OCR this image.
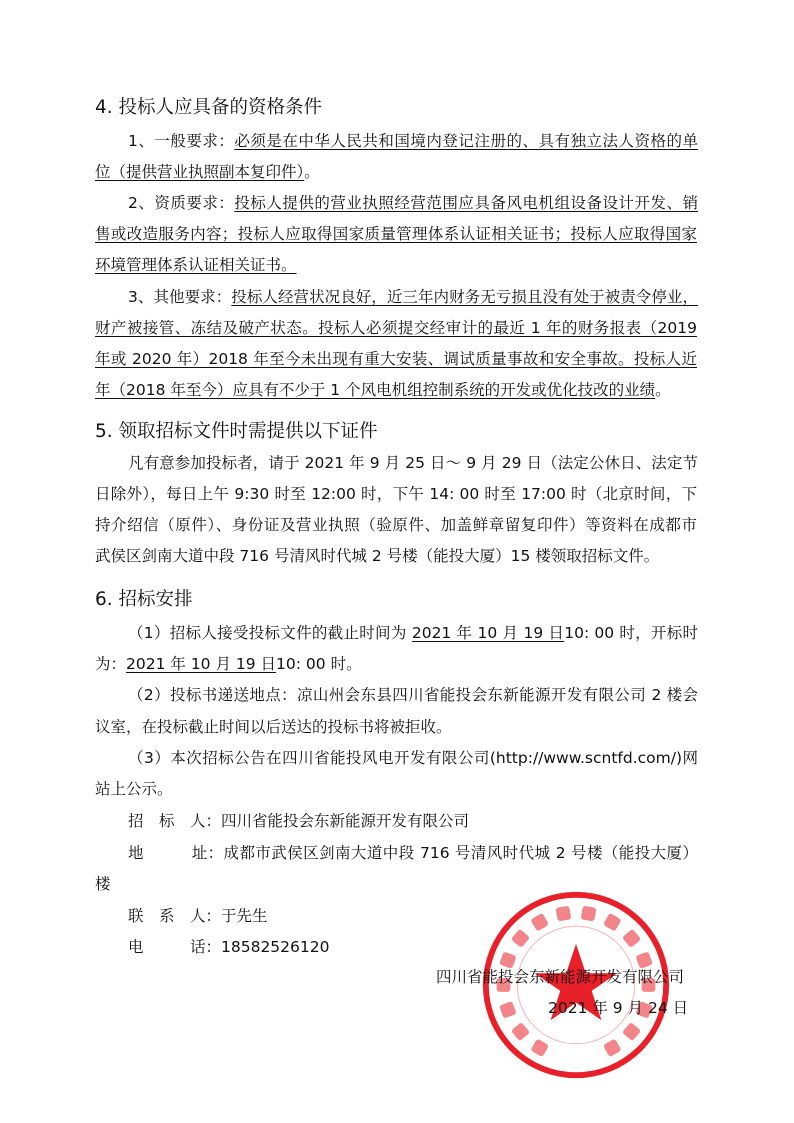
4. 投标人应具备的资格条件
1、一般要求：必须是在中华人民共和国境内登记注册的、具有独立法人资格的单
位（提供营业执照副本复印件）。
2、资质要求：投标人提供的营业执照经营范围应具备风电机组设备设计开发、销
售或改造服务内容；投标人应取得国家质量管理体系认证相关证书；投标人应取得国家
环境管理体系认证相关证书。
3、其他要求：投标人经营状况良好，近三年内财务无亏损且没有处于被责令停业，
财产被接管、冻结及破产状态。投标人必须提交经审计的最近 1 年的财务报表（2019
年或 2020 年）2018 年至今未出现有重大安装、调试质量事故和安全事故。投标人近
年（2018 年至今）应具有不少于 1 个风电机组控制系统的开发或优化技改的业绩。
5. 领取招标文件时需提供以下证件
凡有意参加投标者，请于 2021 年 9 月 25 日～ 9 月 29 日（法定公休日、法定节
日除外），每日上午 9:30 时至 12:00 时，下午 14: 00 时至 17:00 时（北京时间，下
持介绍信（原件）、身份证及营业执照（验原件、加盖鲜章留复印件）等资料在成都市
武侯区剑南大道中段 716 号清风时代城 2 号楼（能投大厦）15 楼领取招标文件。
6. 招标安排
（1）招标人接受投标文件的截止时间为 2021 年 10 月 19 日10: 00 时，开标时
为：2021 年 10 月 19 日10: 00 时。
（2）投标书递送地点：凉山州会东县四川省能投会东新能源开发有限公司 2 楼会
议室，在投标截止时间以后送达的投标书将被拒收。
（3）本次招标公告在四川省能投风电开发有限公司(http://www.scntfd.com/)网
站上公示。
招　标　人：四川省能投会东新能源开发有限公司
地　　　址：成都市武侯区剑南大道中段 716 号清风时代城 2 号楼（能投大厦）
楼
联　系　人：于先生
电　　　话：18582526120
四川省能投会东新能源开发有限公司
2021 年 9 月 24 日
